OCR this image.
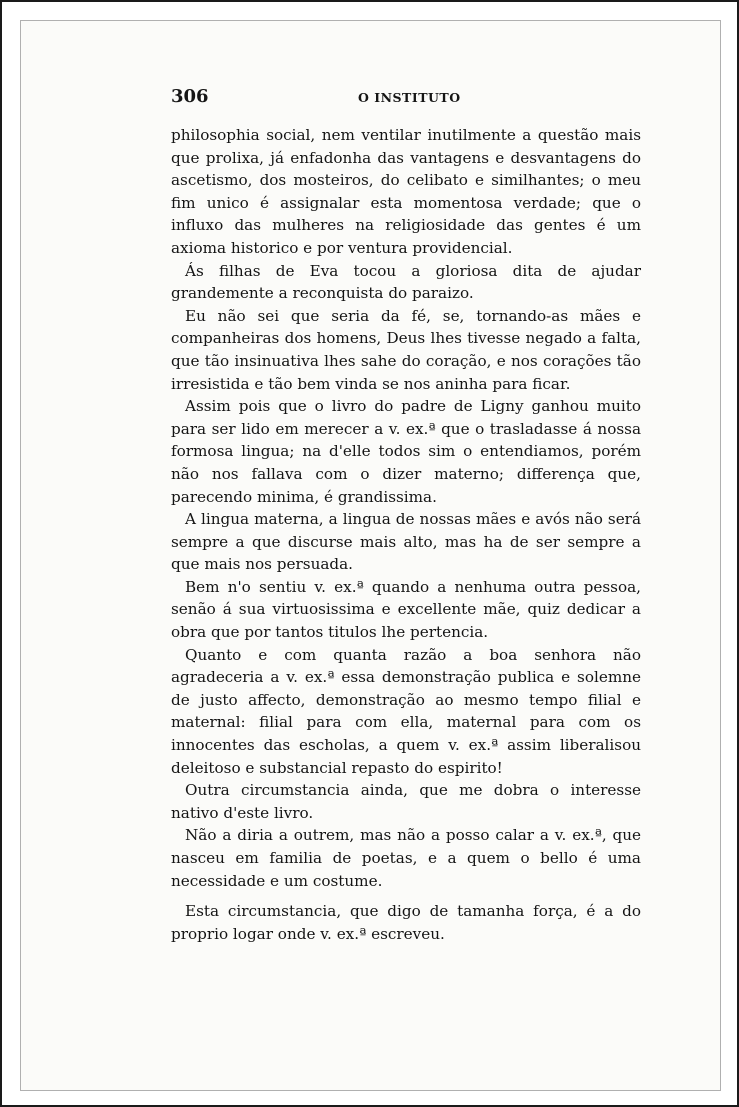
306	O INSTITUTO

philosophia social, nem ventilar inutilmente a questão mais que prolixa, já enfadonha das vantagens e desvantagens do ascetismo, dos mosteiros, do celibato e similhantes; o meu fim unico é assignalar esta momentosa verdade; que o influxo das mulheres na religiosidade das gentes é um axioma historico e por ventura providencial.

Ás filhas de Eva tocou a gloriosa dita de ajudar grandemente a reconquista do paraizo.

Eu não sei que seria da fé, se, tornando-as mães e companheiras dos homens, Deus lhes tivesse negado a falta, que tão insinuativa lhes sahe do coração, e nos corações tão irresistida e tão bem vinda se nos aninha para ficar.

Assim pois que o livro do padre de Ligny ganhou muito para ser lido em merecer a v. ex.ª que o trasladasse á nossa formosa lingua; na d'elle todos sim o entendiamos, porém não nos fallava com o dizer materno; differença que, parecendo minima, é grandissima.

A lingua materna, a lingua de nossas mães e avós não será sempre a que discurse mais alto, mas ha de ser sempre a que mais nos persuada.

Bem n'o sentiu v. ex.ª quando a nenhuma outra pessoa, senão á sua virtuosissima e excellente mãe, quiz dedicar a obra que por tantos titulos lhe pertencia.

Quanto e com quanta razão a boa senhora não agradeceria a v. ex.ª essa demonstração publica e solemne de justo affecto, demonstração ao mesmo tempo filial e maternal: filial para com ella, maternal para com os innocentes das escholas, a quem v. ex.ª assim liberalisou deleitoso e substancial repasto do espirito!

Outra circumstancia ainda, que me dobra o interesse nativo d'este livro.

Não a diria a outrem, mas não a posso calar a v. ex.ª, que nasceu em familia de poetas, e a quem o bello é uma necessidade e um costume.

Esta circumstancia, que digo de tamanha força, é a do proprio logar onde v. ex.ª escreveu.
